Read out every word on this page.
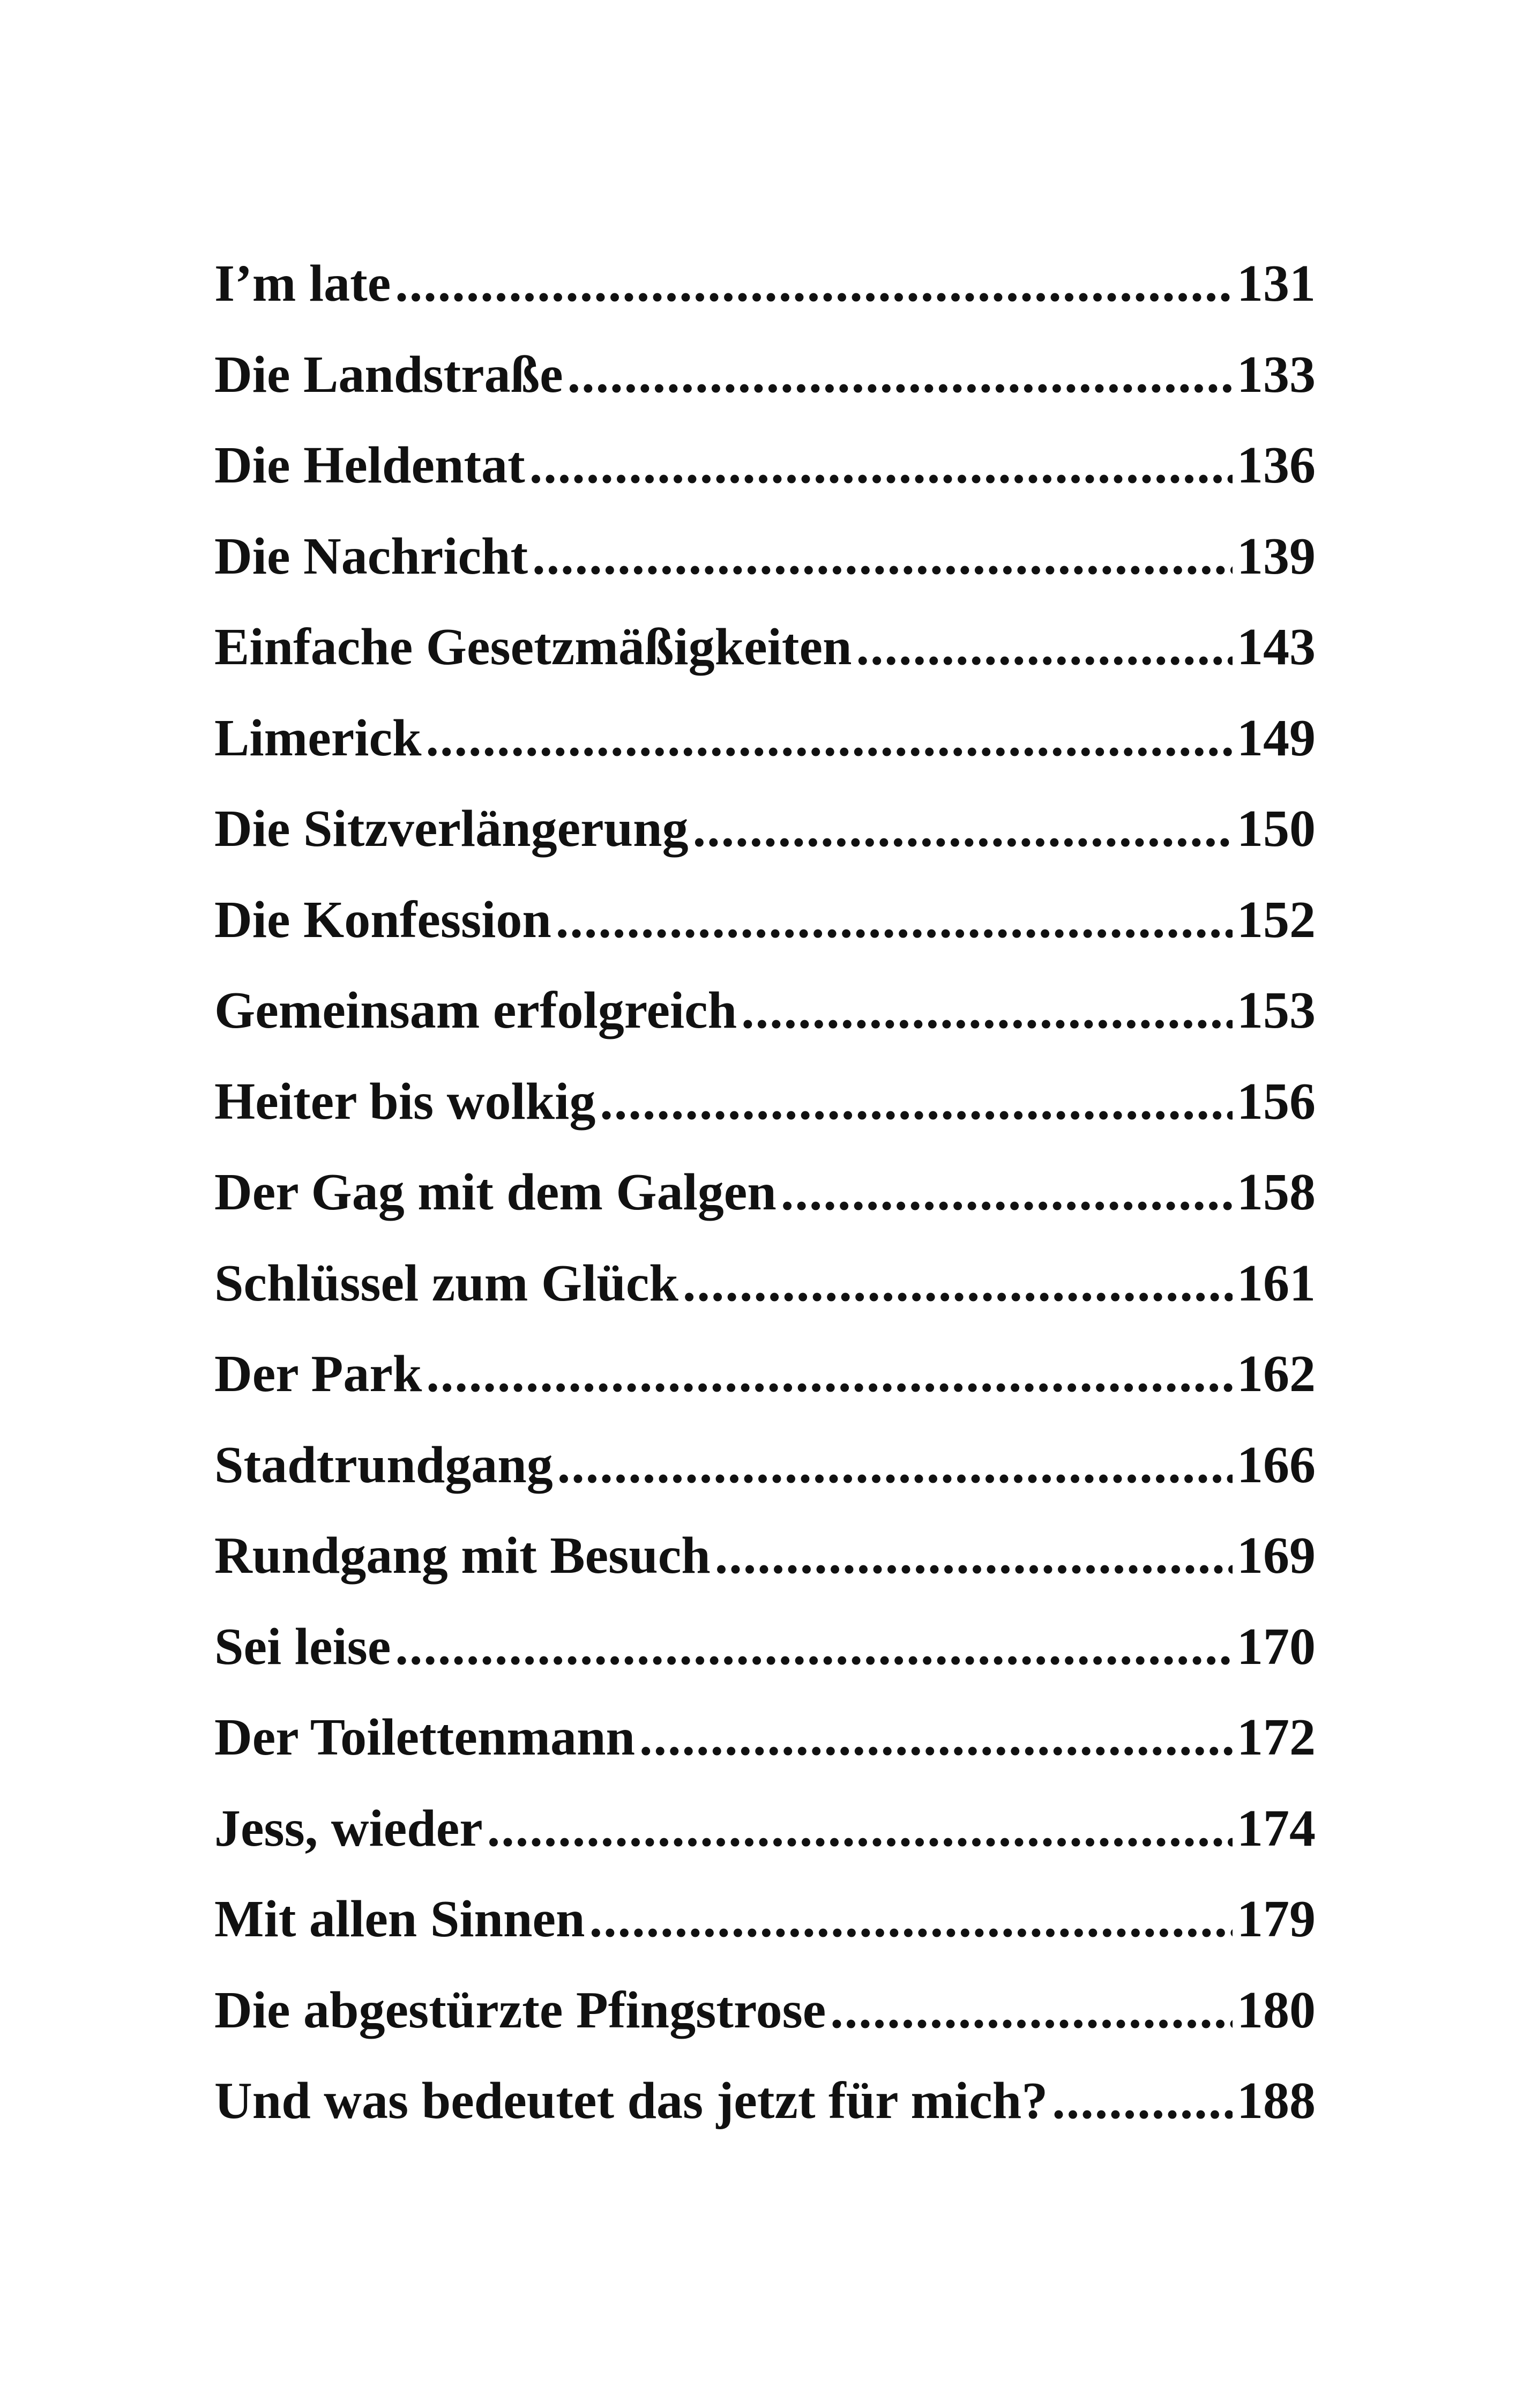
I’m late .....	131
Die Landstraße .....	133
Die Heldentat .....	136
Die Nachricht .....	139
Einfache Gesetzmäßigkeiten .....	143
Limerick .....	149
Die Sitzverlängerung .....	150
Die Konfession .....	152
Gemeinsam erfolgreich .....	153
Heiter bis wolkig .....	156
Der Gag mit dem Galgen .....	158
Schlüssel zum Glück .....	161
Der Park .....	162
Stadtrundgang .....	166
Rundgang mit Besuch .....	169
Sei leise .....	170
Der Toilettenmann .....	172
Jess, wieder .....	174
Mit allen Sinnen .....	179
Die abgestürzte Pfingstrose .....	180
Und was bedeutet das jetzt für mich? .....	188
